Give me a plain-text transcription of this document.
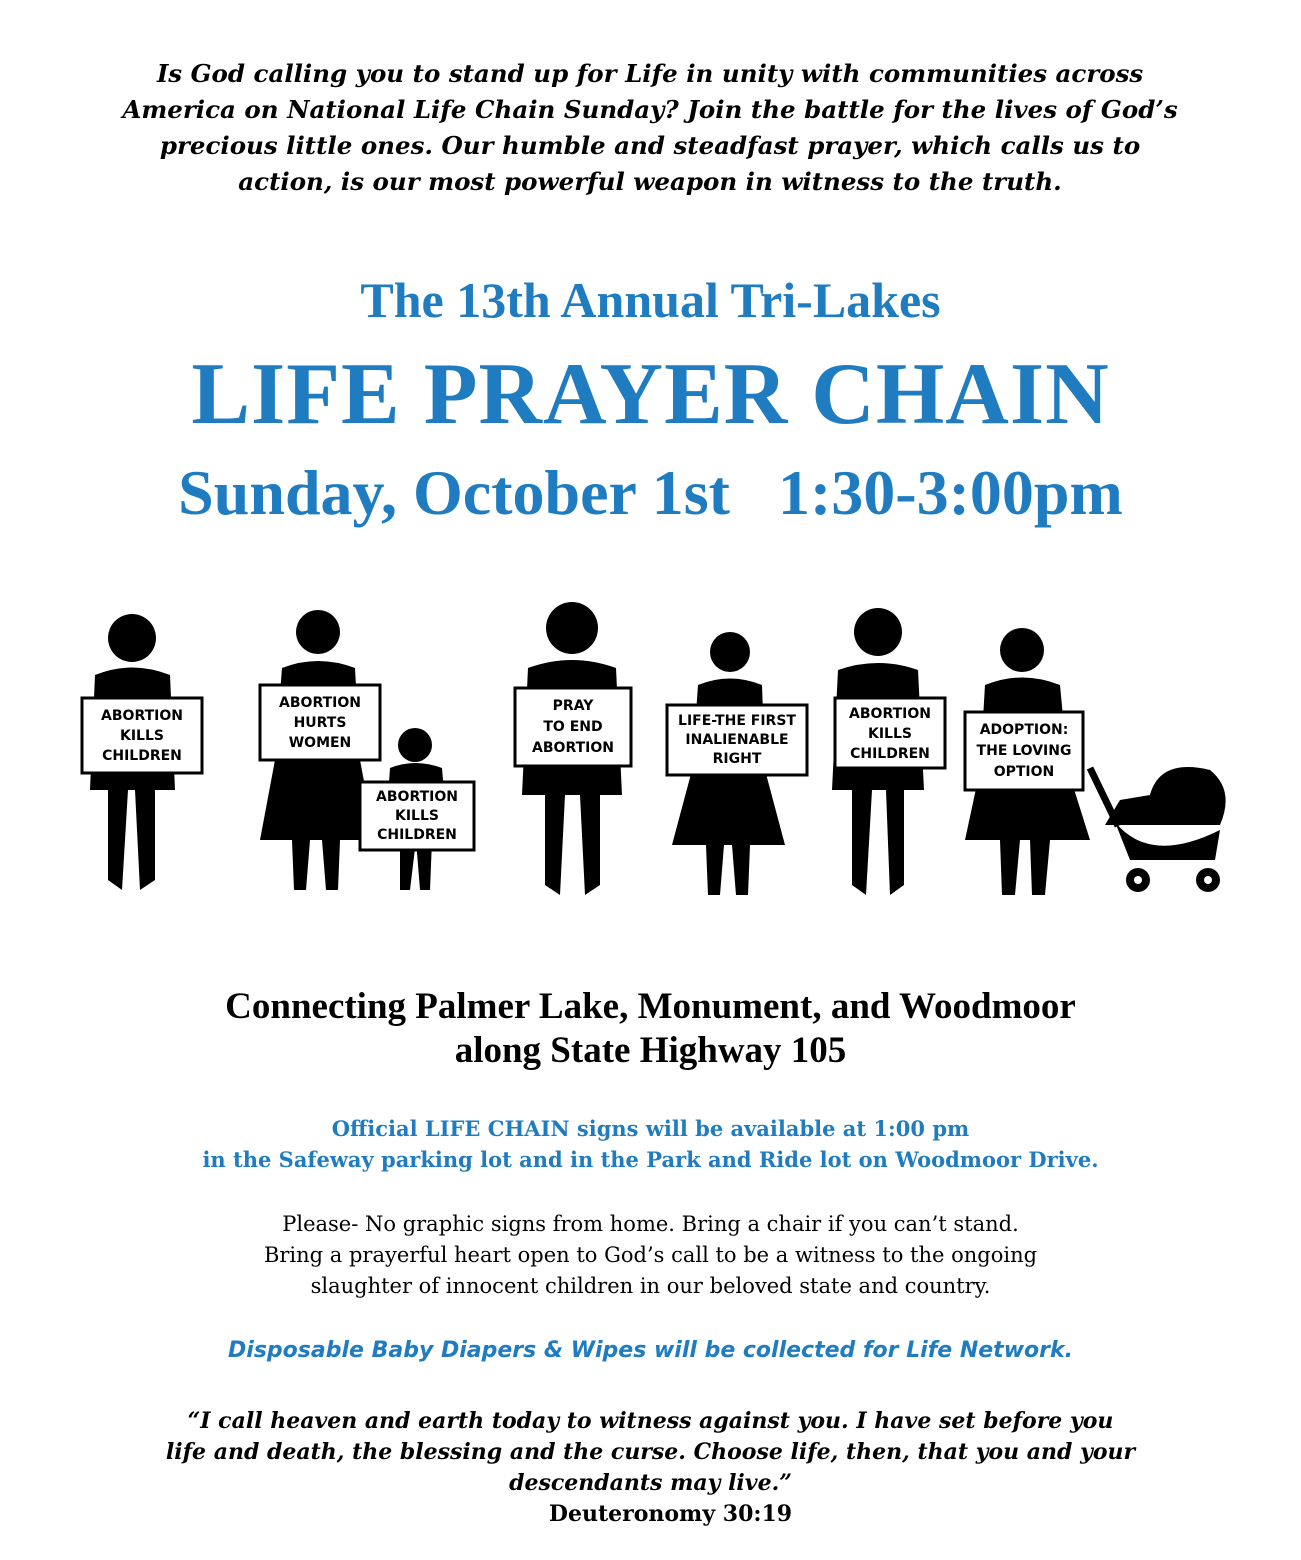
Is God calling you to stand up for Life in unity with communities across
America on National Life Chain Sunday? Join the battle for the lives of God’s
precious little ones. Our humble and steadfast prayer, which calls us to
action, is our most powerful weapon in witness to the truth.
The 13th Annual Tri-Lakes
LIFE PRAYER CHAIN
Sunday, October 1st   1:30-3:00pm
ABORTION
KILLS
CHILDREN
ABORTION
HURTS
WOMEN
ABORTION
KILLS
CHILDREN
PRAY
TO END
ABORTION
LIFE-THE FIRST
INALIENABLE
RIGHT
ABORTION
KILLS
CHILDREN
ADOPTION:
THE LOVING
OPTION
Connecting Palmer Lake, Monument, and Woodmoor
along State Highway 105
Official LIFE CHAIN signs will be available at 1:00 pm
in the Safeway parking lot and in the Park and Ride lot on Woodmoor Drive.
Please- No graphic signs from home. Bring a chair if you can’t stand.
Bring a prayerful heart open to God’s call to be a witness to the ongoing
slaughter of innocent children in our beloved state and country.
Disposable Baby Diapers & Wipes will be collected for Life Network.
“I call heaven and earth today to witness against you. I have set before you
life and death, the blessing and the curse. Choose life, then, that you and your
descendants may live.”
Deuteronomy 30:19
